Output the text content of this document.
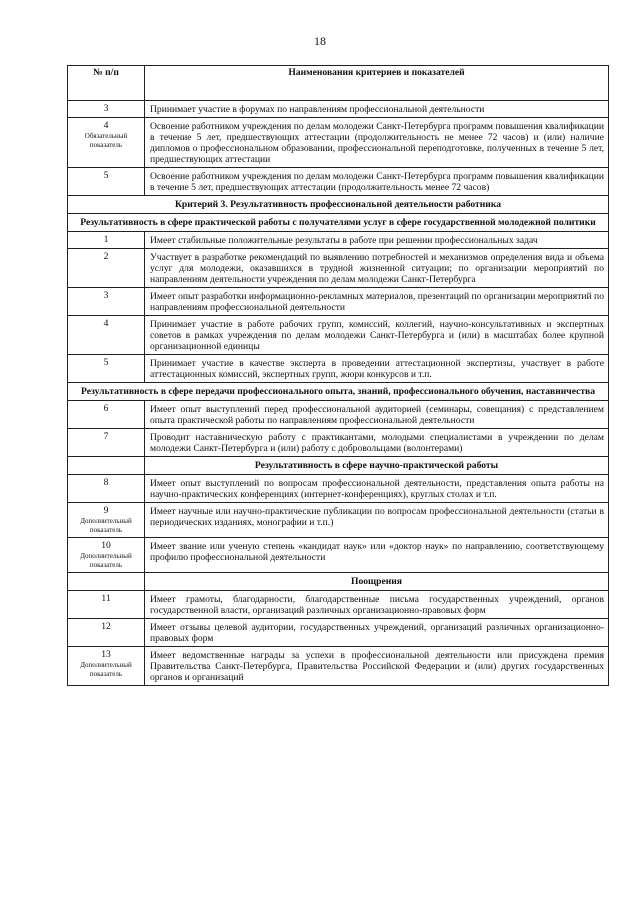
18
№ п/п	Наименования критериев и показателей

3	Принимает участие в форумах по направлениям профессиональной деятельности

4
Обязательный показатель	Освоение работником учреждения по делам молодежи Санкт-Петербурга программ повышения квалификации в течение 5 лет, предшествующих аттестации (продолжительность не менее 72 часов) и (или) наличие дипломов о профессиональном образовании, профессиональной переподготовке, полученных в течение 5 лет, предшествующих аттестации

5	Освоение работником учреждения по делам молодежи Санкт-Петербурга программ повышения квалификации в течение 5 лет, предшествующих аттестации (продолжительность менее 72 часов)
Критерий 3. Результативность профессиональной деятельности работника	
Результативность в сфере практической работы с получателями услуг в сфере государственной молодежной политики	

1	Имеет стабильные положительные результаты в работе при решении профессиональных задач

2	Участвует в разработке рекомендаций по выявлению потребностей и механизмов определения вида и объема услуг для молодежи, оказавшихся в трудной жизненной ситуации; по организации мероприятий по направлениям деятельности учреждения по делам молодежи Санкт-Петербурга

3	Имеет опыт разработки информационно-рекламных материалов, презентаций по организации мероприятий по направлениям профессиональной деятельности

4	Принимает участие в работе рабочих групп, комиссий, коллегий, научно-консультативных и экспертных советов в рамках учреждения по делам молодежи Санкт-Петербурга и (или) в масштабах более крупной организационной единицы

5	Принимает участие в качестве эксперта в проведении аттестационной экспертизы, участвует в работе аттестационных комиссий, экспертных групп, жюри конкурсов и т.п.
Результативность в сфере передачи профессионального опыта, знаний, профессионального обучения, наставничества	

6	Имеет опыт выступлений перед профессиональной аудиторией (семинары, совещания) с представлением опыта практической работы по направлениям профессиональной деятельности

7	Проводит наставническую работу с практикантами, молодыми специалистами в учреждении по делам молодежи Санкт-Петербурга и (или) работу с добровольцами (волонтерами)
	Результативность в сфере научно-практической работы

8	Имеет опыт выступлений по вопросам профессиональной деятельности, представления опыта работы на научно-практических конференциях (интернет-конференциях), круглых столах и т.п.

9
Дополнительный показатель	Имеет научные или научно-практические публикации по вопросам профессиональной деятельности (статьи в периодических изданиях, монографии и т.п.)

10
Дополнительный показатель	Имеет звание или ученую степень «кандидат наук» или «доктор наук» по направлению, соответствующему профилю профессиональной деятельности
	Поощрения

11	Имеет грамоты, благодарности, благодарственные письма государственных учреждений, органов государственной власти, организаций различных организационно-правовых форм

12	Имеет отзывы целевой аудитории, государственных учреждений, организаций различных организационно-правовых форм

13
Дополнительный показатель	Имеет ведомственные награды за успехи в профессиональной деятельности или присуждена премия Правительства Санкт-Петербурга, Правительства Российской Федерации и (или) других государственных органов и организаций
